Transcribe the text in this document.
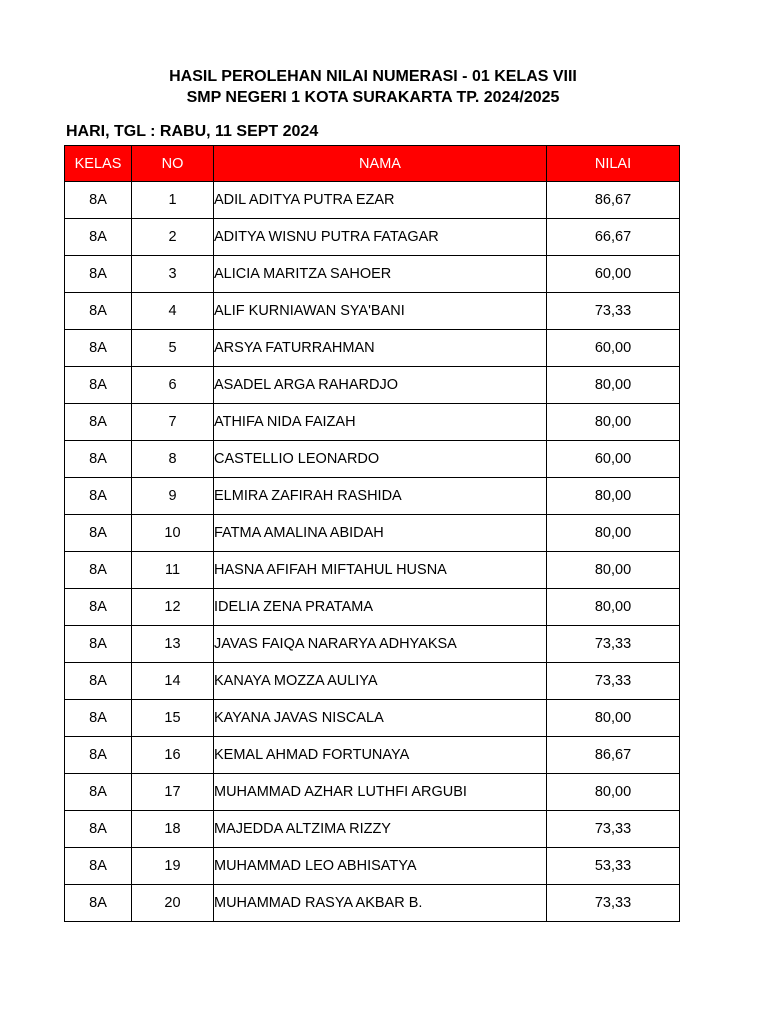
HASIL PEROLEHAN NILAI NUMERASI - 01 KELAS VIII
SMP NEGERI 1 KOTA SURAKARTA TP. 2024/2025
HARI, TGL : RABU, 11 SEPT 2024
KELAS	NO	NAMA	NILAI
8A	1	ADIL ADITYA PUTRA EZAR	86,67
8A	2	ADITYA WISNU PUTRA FATAGAR	66,67
8A	3	ALICIA MARITZA SAHOER	60,00
8A	4	ALIF KURNIAWAN SYA'BANI	73,33
8A	5	ARSYA FATURRAHMAN	60,00
8A	6	ASADEL ARGA RAHARDJO	80,00
8A	7	ATHIFA NIDA FAIZAH	80,00
8A	8	CASTELLIO LEONARDO	60,00
8A	9	ELMIRA ZAFIRAH RASHIDA	80,00
8A	10	FATMA AMALINA ABIDAH	80,00
8A	11	HASNA AFIFAH MIFTAHUL HUSNA	80,00
8A	12	IDELIA ZENA PRATAMA	80,00
8A	13	JAVAS FAIQA NARARYA ADHYAKSA	73,33
8A	14	KANAYA MOZZA AULIYA	73,33
8A	15	KAYANA JAVAS NISCALA	80,00
8A	16	KEMAL AHMAD FORTUNAYA	86,67
8A	17	MUHAMMAD AZHAR LUTHFI ARGUBI	80,00
8A	18	MAJEDDA ALTZIMA RIZZY	73,33
8A	19	MUHAMMAD LEO ABHISATYA	53,33
8A	20	MUHAMMAD RASYA AKBAR B.	73,33
